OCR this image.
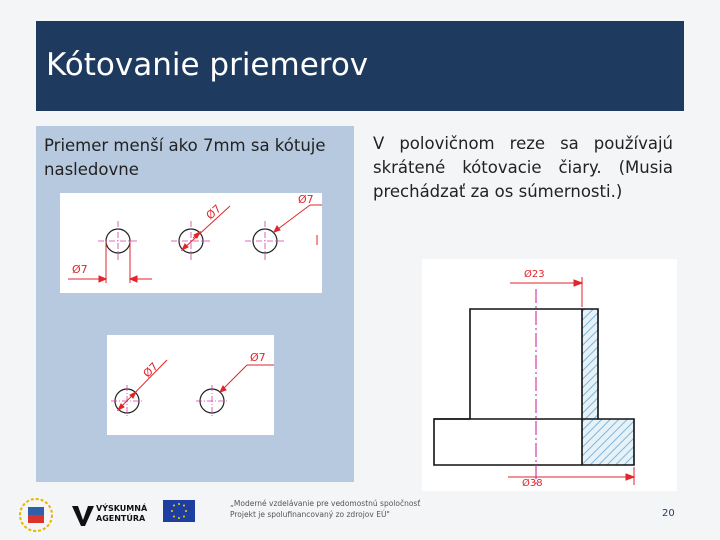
Kótovanie priemerov
Priemer menší ako 7mm sa kótuje nasledovne
V polovičnom reze sa používajú skrátené kótovacie čiary. (Musia prechádzať za os súmernosti.)
Ø7
Ø7
Ø7
Ø7
Ø7
Ø23
Ø38
VÝSKUMNÁ
AGENTÚRA
„Moderné vzdelávanie pre vedomostnú spoločnosť
Projekt je spolufinancovaný zo zdrojov EÚ"	20
